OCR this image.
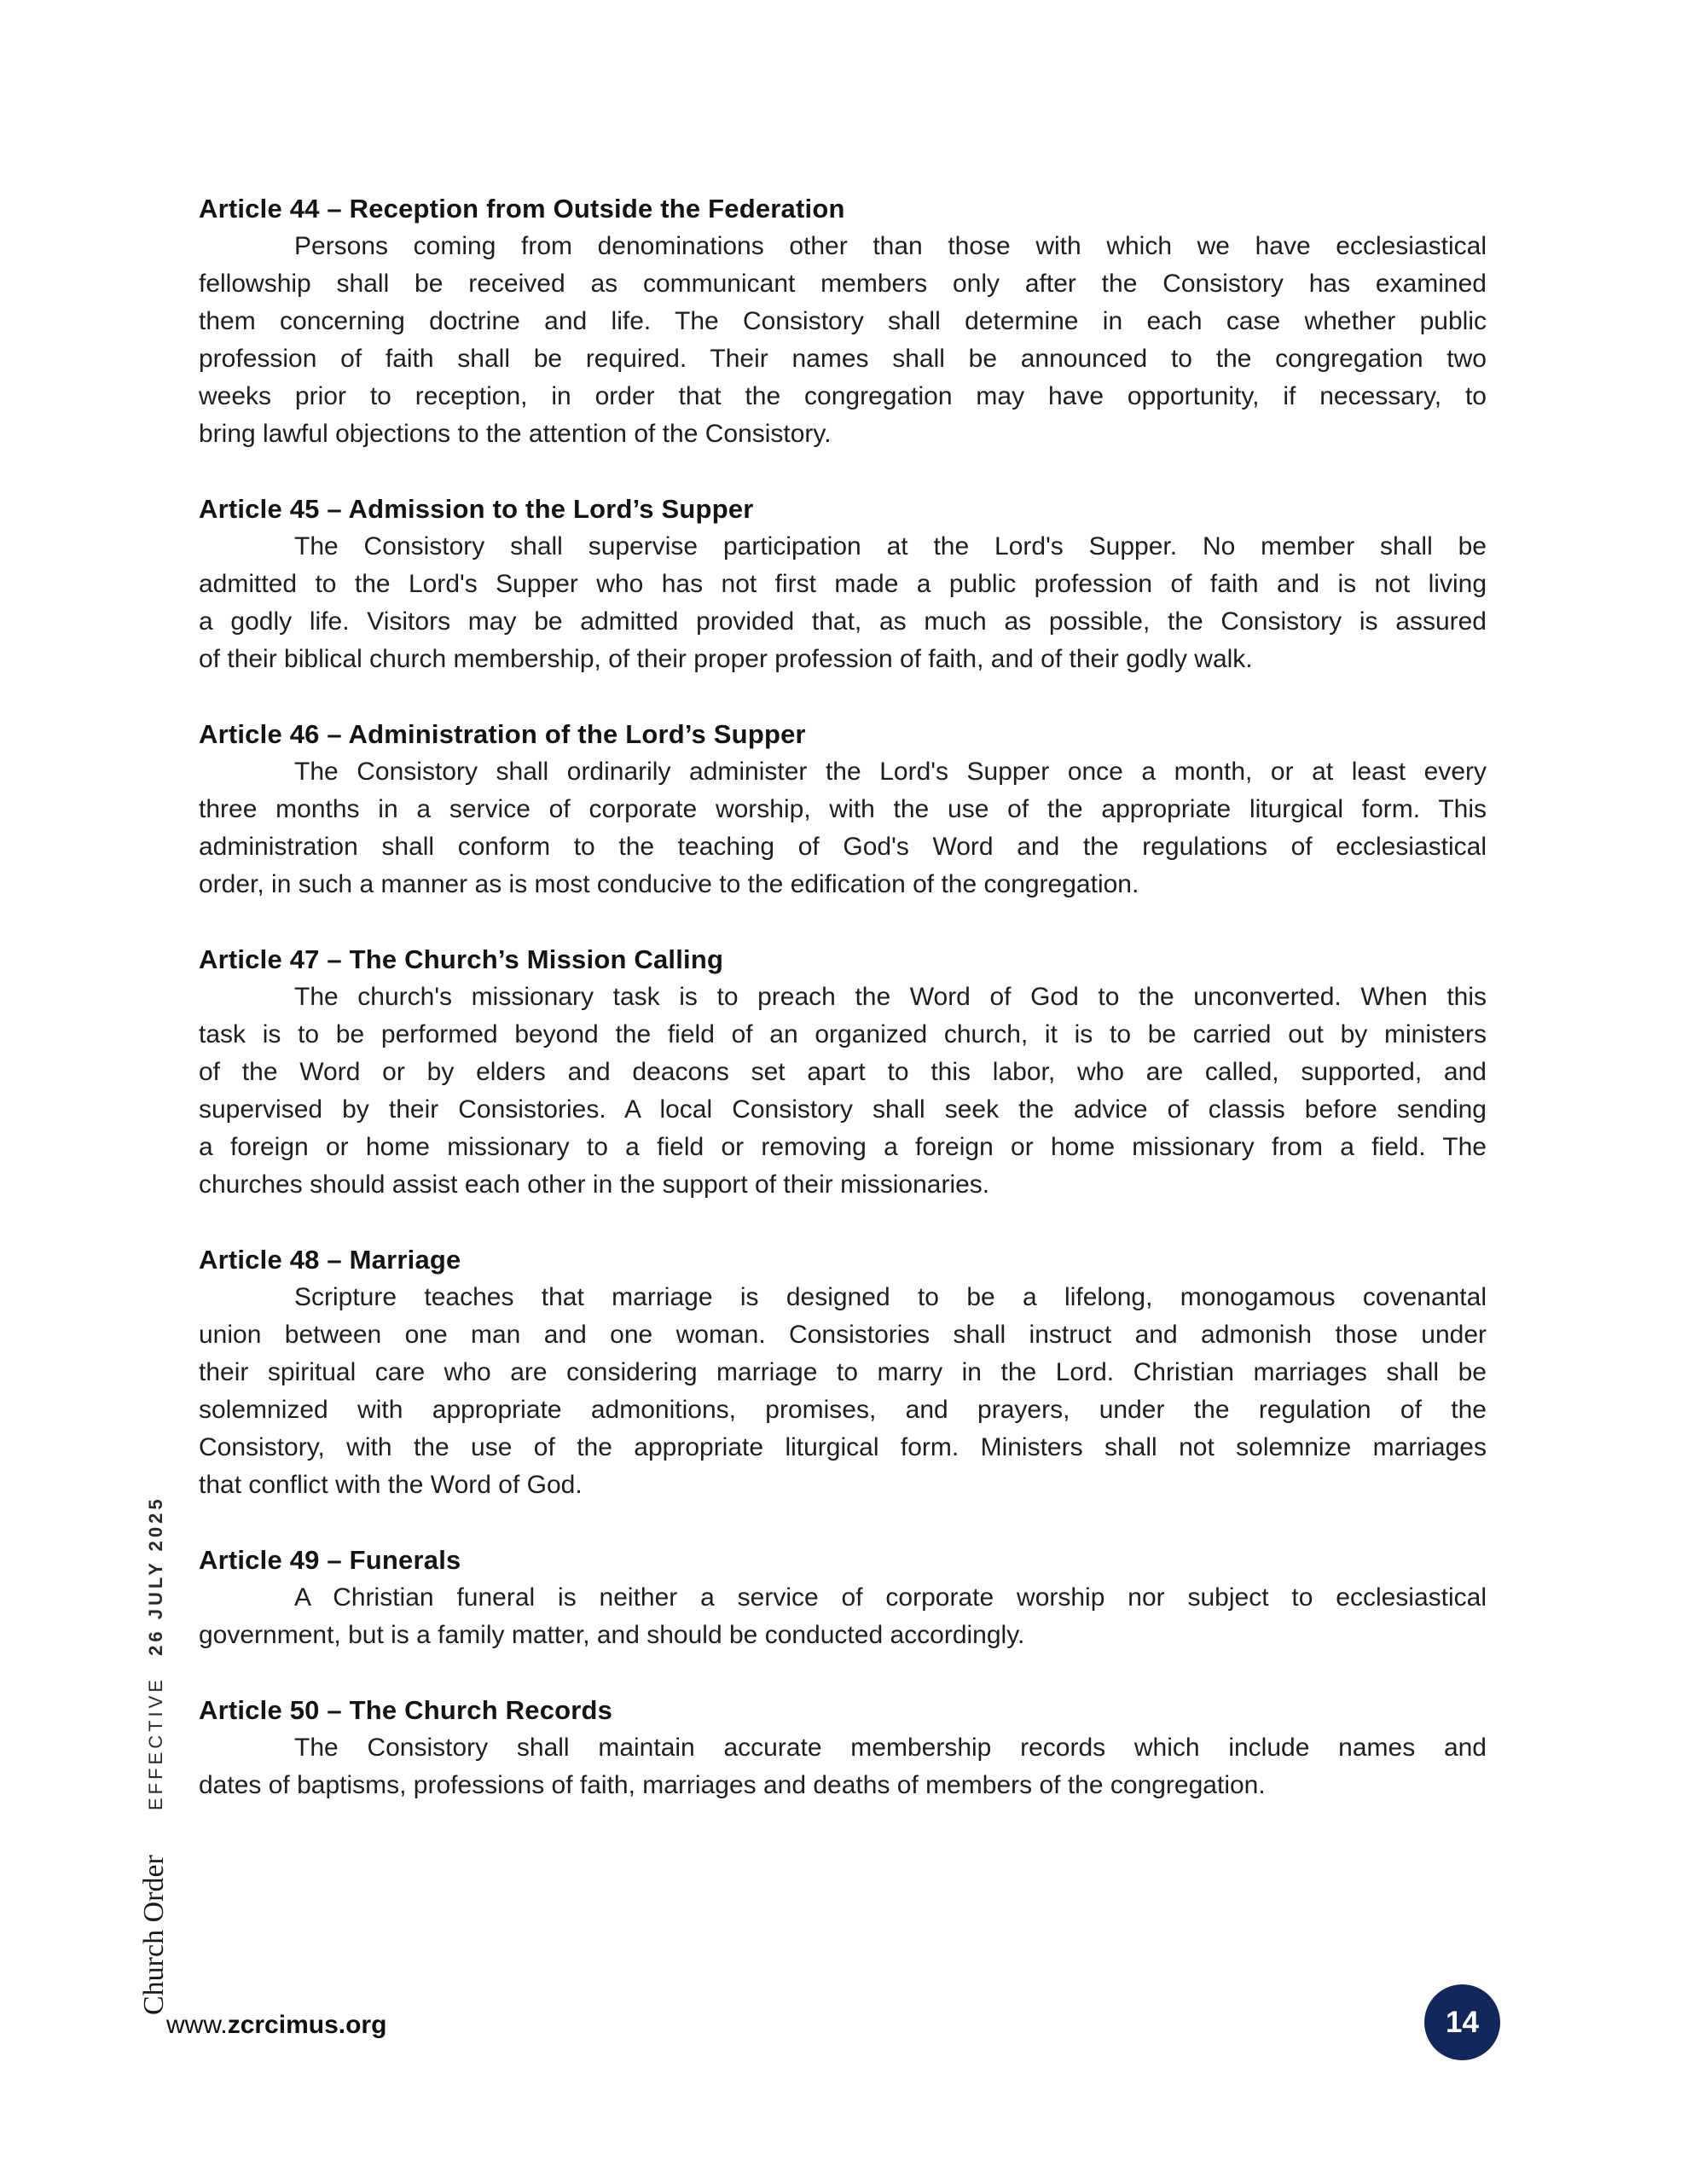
EFFECTIVE 26 JULY 2025
Church Order
Article 44 – Reception from Outside the Federation
Persons coming from denominations other than those with which we have ecclesiastical
fellowship shall be received as communicant members only after the Consistory has examined
them concerning doctrine and life. The Consistory shall determine in each case whether public
profession of faith shall be required. Their names shall be announced to the congregation two
weeks prior to reception, in order that the congregation may have opportunity, if necessary, to
bring lawful objections to the attention of the Consistory.
Article 45 – Admission to the Lord’s Supper
The Consistory shall supervise participation at the Lord's Supper. No member shall be
admitted to the Lord's Supper who has not first made a public profession of faith and is not living
a godly life. Visitors may be admitted provided that, as much as possible, the Consistory is assured
of their biblical church membership, of their proper profession of faith, and of their godly walk.
Article 46 – Administration of the Lord’s Supper
The Consistory shall ordinarily administer the Lord's Supper once a month, or at least every
three months in a service of corporate worship, with the use of the appropriate liturgical form. This
administration shall conform to the teaching of God's Word and the regulations of ecclesiastical
order, in such a manner as is most conducive to the edification of the congregation.
Article 47 – The Church’s Mission Calling
The church's missionary task is to preach the Word of God to the unconverted. When this
task is to be performed beyond the field of an organized church, it is to be carried out by ministers
of the Word or by elders and deacons set apart to this labor, who are called, supported, and
supervised by their Consistories. A local Consistory shall seek the advice of classis before sending
a foreign or home missionary to a field or removing a foreign or home missionary from a field. The
churches should assist each other in the support of their missionaries.
Article 48 – Marriage
Scripture teaches that marriage is designed to be a lifelong, monogamous covenantal
union between one man and one woman. Consistories shall instruct and admonish those under
their spiritual care who are considering marriage to marry in the Lord. Christian marriages shall be
solemnized with appropriate admonitions, promises, and prayers, under the regulation of the
Consistory, with the use of the appropriate liturgical form. Ministers shall not solemnize marriages
that conflict with the Word of God.
Article 49 – Funerals
A Christian funeral is neither a service of corporate worship nor subject to ecclesiastical
government, but is a family matter, and should be conducted accordingly.
Article 50 – The Church Records
The Consistory shall maintain accurate membership records which include names and
dates of baptisms, professions of faith, marriages and deaths of members of the congregation.
www.zcrcimus.org	14
